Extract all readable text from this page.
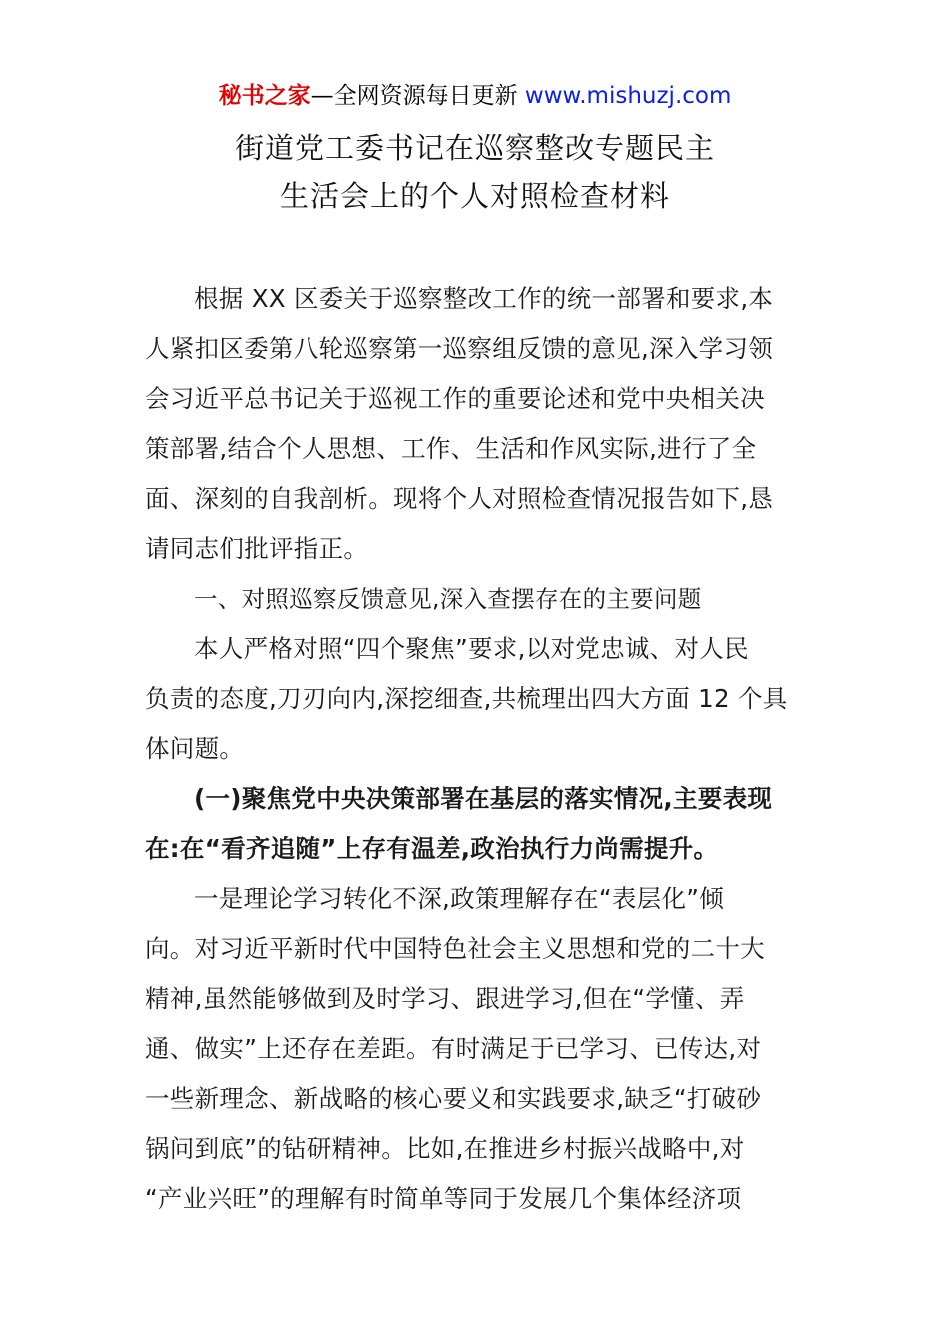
秘书之家—全网资源每日更新 www.mishuzj.com
街道党工委书记在巡察整改专题民主
生活会上的个人对照检查材料
根据 XX 区委关于巡察整改工作的统一部署和要求,本
人紧扣区委第八轮巡察第一巡察组反馈的意见,深入学习领
会习近平总书记关于巡视工作的重要论述和党中央相关决
策部署,结合个人思想、工作、生活和作风实际,进行了全
面、深刻的自我剖析。现将个人对照检查情况报告如下,恳
请同志们批评指正。
一、对照巡察反馈意见,深入查摆存在的主要问题
本人严格对照“四个聚焦”要求,以对党忠诚、对人民
负责的态度,刀刃向内,深挖细查,共梳理出四大方面 12 个具
体问题。
(一)聚焦党中央决策部署在基层的落实情况,主要表现
在:在“看齐追随”上存有温差,政治执行力尚需提升。
一是理论学习转化不深,政策理解存在“表层化”倾
向。对习近平新时代中国特色社会主义思想和党的二十大
精神,虽然能够做到及时学习、跟进学习,但在“学懂、弄
通、做实”上还存在差距。有时满足于已学习、已传达,对
一些新理念、新战略的核心要义和实践要求,缺乏“打破砂
锅问到底”的钻研精神。比如,在推进乡村振兴战略中,对
“产业兴旺”的理解有时简单等同于发展几个集体经济项
